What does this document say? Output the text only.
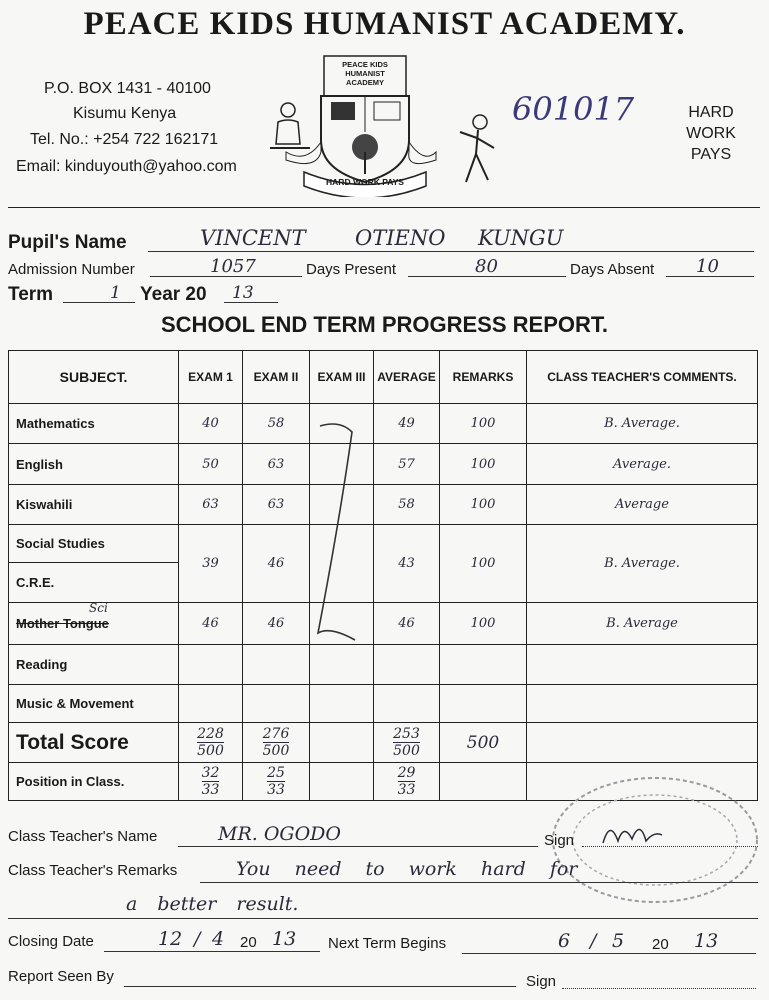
PEACE KIDS HUMANIST ACADEMY.
P.O. BOX 1431 - 40100
Kisumu Kenya
Tel. No.: +254 722 162171
Email: kinduyouth@yahoo.com
PEACE KIDS HUMANIST ACADEMY
HARD WORK PAYS
601017	HARD WORK PAYS
Pupil's Name	VINCENT OTIENO KUNGU
Admission Number	1057	Days Present	80	Days Absent 10
Term	1 Year 20 13
SCHOOL END TERM PROGRESS REPORT.
SUBJECT.	EXAM 1	EXAM II	EXAM III	AVERAGE	REMARKS	CLASS TEACHER'S COMMENTS.
Mathematics	40	58		49	100	B. Average.
English	50	63		57	100	Average.
Kiswahili	63	63		58	100	Average
Social Studies	39	46		43	100	B. Average.
C.R.E.						

Sci
Mother Tongue	46	46		46	100	B. Average
Reading						
Music & Movement						
Total Score	$\frac{228}{500}$	$\frac{276}{500}$		$\frac{253}{500}$	500	
Position in Class.	$\frac{32}{33}$	$\frac{25}{33}$		$\frac{29}{33}$		
Class Teacher's Name	MR. OGODO	Sign
Class Teacher's Remarks	You need to work hard for
a better result.
Closing Date	12 / 4 20 13 Next Term Begins	6 / 5 20 13
Report Seen By	Sign
